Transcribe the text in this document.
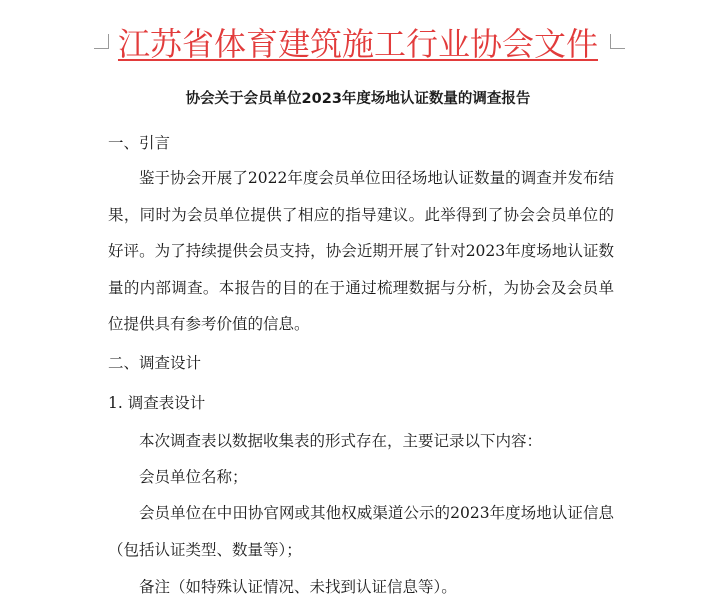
江苏省体育建筑施工行业协会文件
协会关于会员单位2023年度场地认证数量的调查报告
一、引言

鉴于协会开展了2022年度会员单位田径场地认证数量的调查并发布结果，同时为会员单位提供了相应的指导建议。此举得到了协会会员单位的好评。为了持续提供会员支持，协会近期开展了针对2023年度场地认证数量的内部调查。本报告的目的在于通过梳理数据与分析，为协会及会员单位提供具有参考价值的信息。

二、调查设计
1. 调查表设计
本次调查表以数据收集表的形式存在，主要记录以下内容：
会员单位名称；

会员单位在中田协官网或其他权威渠道公示的2023年度场地认证信息（包括认证类型、数量等）；

备注（如特殊认证情况、未找到认证信息等）。
